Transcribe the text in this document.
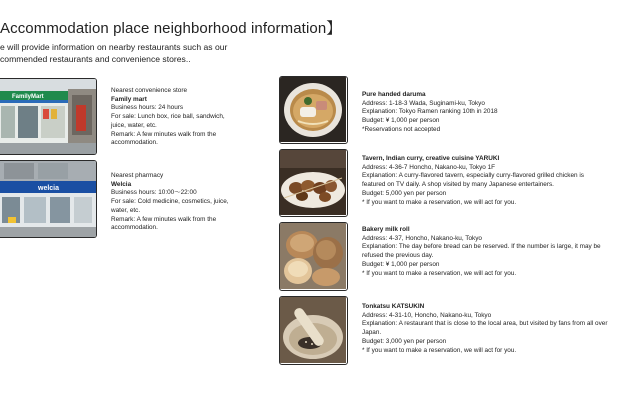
Accommodation place neighborhood information】
e will provide information on nearby restaurants such as our commended restaurants and convenience stores..
FamilyMart
Nearest convenience store
Family mart
Business hours: 24 hours
For sale: Lunch box, rice ball, sandwich,
juice, water, etc.
Remark: A few minutes walk from the
accommodation.
welcia
Nearest pharmacy
Welcia
Business hours: 10:00～22:00
For sale: Cold medicine, cosmetics, juice,
water, etc.
Remark: A few minutes walk from the
accommodation.
Pure handed daruma
Address: 1-18-3 Wada, Suginami-ku, Tokyo
Explanation: Tokyo Ramen ranking 10th in 2018
Budget: ¥ 1,000 per person
*Reservations not accepted
Tavern, Indian curry, creative cuisine YARUKI
Address: 4-36-7 Honcho, Nakano-ku, Tokyo 1F
Explanation: A curry-flavored tavern, especially curry-flavored grilled chicken is
featured on TV daily. A shop visited by many Japanese entertainers.
Budget: 5,000 yen per person
* If you want to make a reservation, we will act for you.
Bakery milk roll
Address: 4-37, Honcho, Nakano-ku, Tokyo
Explanation: The day before bread can be reserved. If the number is large, it may be
refused the previous day.
Budget: ¥ 1,000 per person
* If you want to make a reservation, we will act for you.
Tonkatsu KATSUKIN
Address: 4-31-10, Honcho, Nakano-ku, Tokyo
Explanation: A restaurant that is close to the local area, but visited by fans from all over
Japan.
Budget: 3,000 yen per person
* If you want to make a reservation, we will act for you.
